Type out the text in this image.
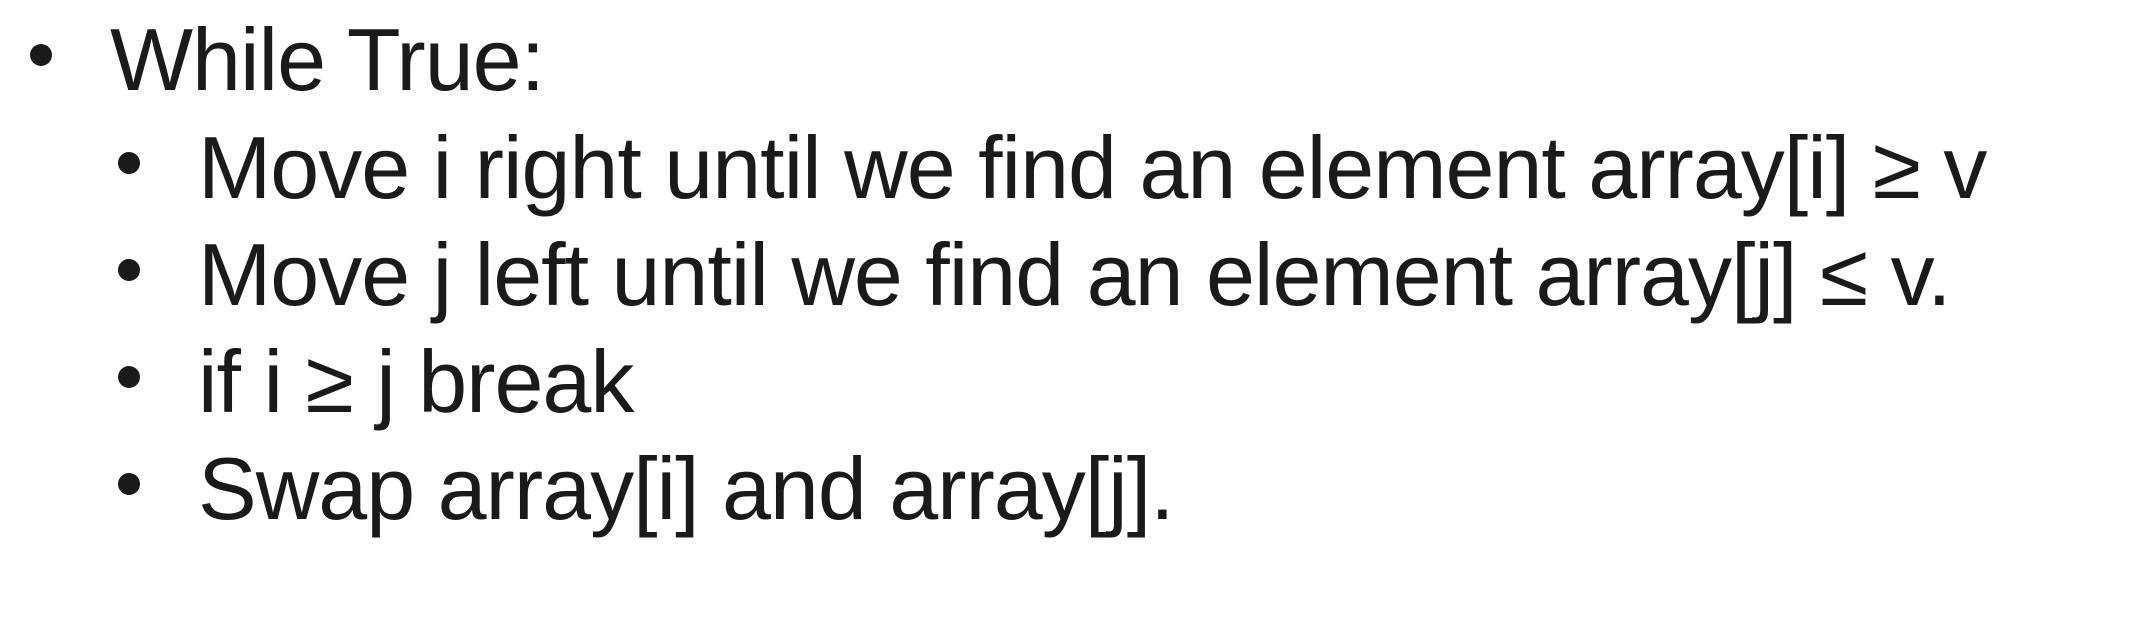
While True:
Move i right until we find an element array[i] ≥ v
Move j left until we find an element array[j] ≤ v.
if i ≥ j break
Swap array[i] and array[j].
